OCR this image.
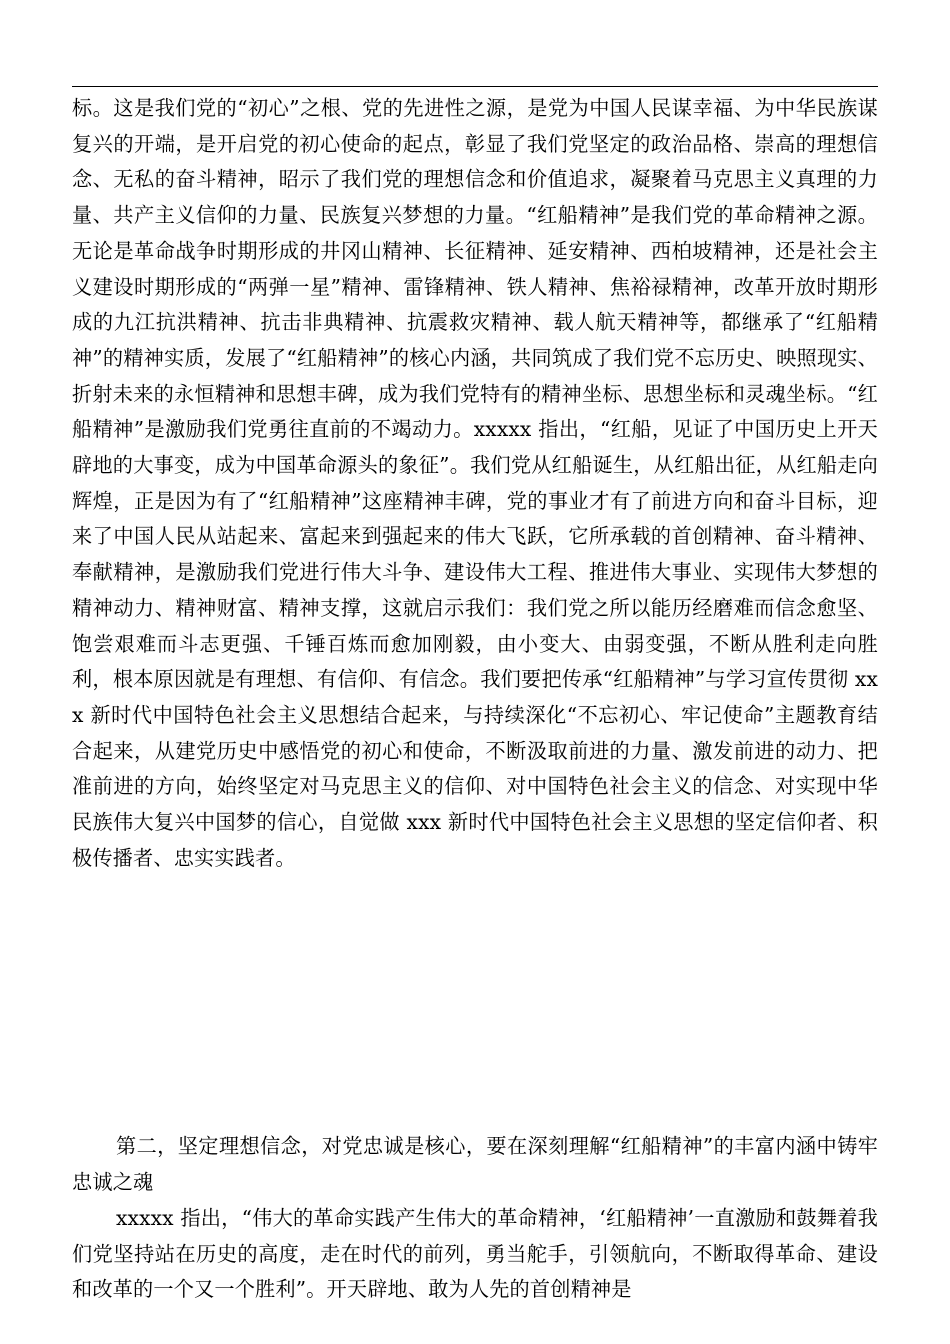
标。这是我们党的“初心”之根、党的先进性之源，是党为中国人民谋幸福、为中华民族谋复兴的开端，是开启党的初心使命的起点，彰显了我们党坚定的政治品格、崇高的理想信念、无私的奋斗精神，昭示了我们党的理想信念和价值追求，凝聚着马克思主义真理的力量、共产主义信仰的力量、民族复兴梦想的力量。“红船精神”是我们党的革命精神之源。无论是革命战争时期形成的井冈山精神、长征精神、延安精神、西柏坡精神，还是社会主义建设时期形成的“两弹一星”精神、雷锋精神、铁人精神、焦裕禄精神，改革开放时期形成的九江抗洪精神、抗击非典精神、抗震救灾精神、载人航天精神等，都继承了“红船精神”的精神实质，发展了“红船精神”的核心内涵，共同筑成了我们党不忘历史、映照现实、折射未来的永恒精神和思想丰碑，成为我们党特有的精神坐标、思想坐标和灵魂坐标。“红船精神”是激励我们党勇往直前的不竭动力。xxxxx 指出，“红船，见证了中国历史上开天辟地的大事变，成为中国革命源头的象征”。我们党从红船诞生，从红船出征，从红船走向辉煌，正是因为有了“红船精神”这座精神丰碑，党的事业才有了前进方向和奋斗目标，迎来了中国人民从站起来、富起来到强起来的伟大飞跃，它所承载的首创精神、奋斗精神、奉献精神，是激励我们党进行伟大斗争、建设伟大工程、推进伟大事业、实现伟大梦想的精神动力、精神财富、精神支撑，这就启示我们：我们党之所以能历经磨难而信念愈坚、饱尝艰难而斗志更强、千锤百炼而愈加刚毅，由小变大、由弱变强，不断从胜利走向胜利，根本原因就是有理想、有信仰、有信念。我们要把传承“红船精神”与学习宣传贯彻 xxx 新时代中国特色社会主义思想结合起来，与持续深化“不忘初心、牢记使命”主题教育结合起来，从建党历史中感悟党的初心和使命，不断汲取前进的力量、激发前进的动力、把准前进的方向，始终坚定对马克思主义的信仰、对中国特色社会主义的信念、对实现中华民族伟大复兴中国梦的信心，自觉做 xxx 新时代中国特色社会主义思想的坚定信仰者、积极传播者、忠实实践者。

第二，坚定理想信念，对党忠诚是核心，要在深刻理解“红船精神”的丰富内涵中铸牢忠诚之魂

xxxxx 指出，“伟大的革命实践产生伟大的革命精神，‘红船精神’一直激励和鼓舞着我们党坚持站在历史的高度，走在时代的前列，勇当舵手，引领航向，不断取得革命、建设和改革的一个又一个胜利”。开天辟地、敢为人先的首创精神是
